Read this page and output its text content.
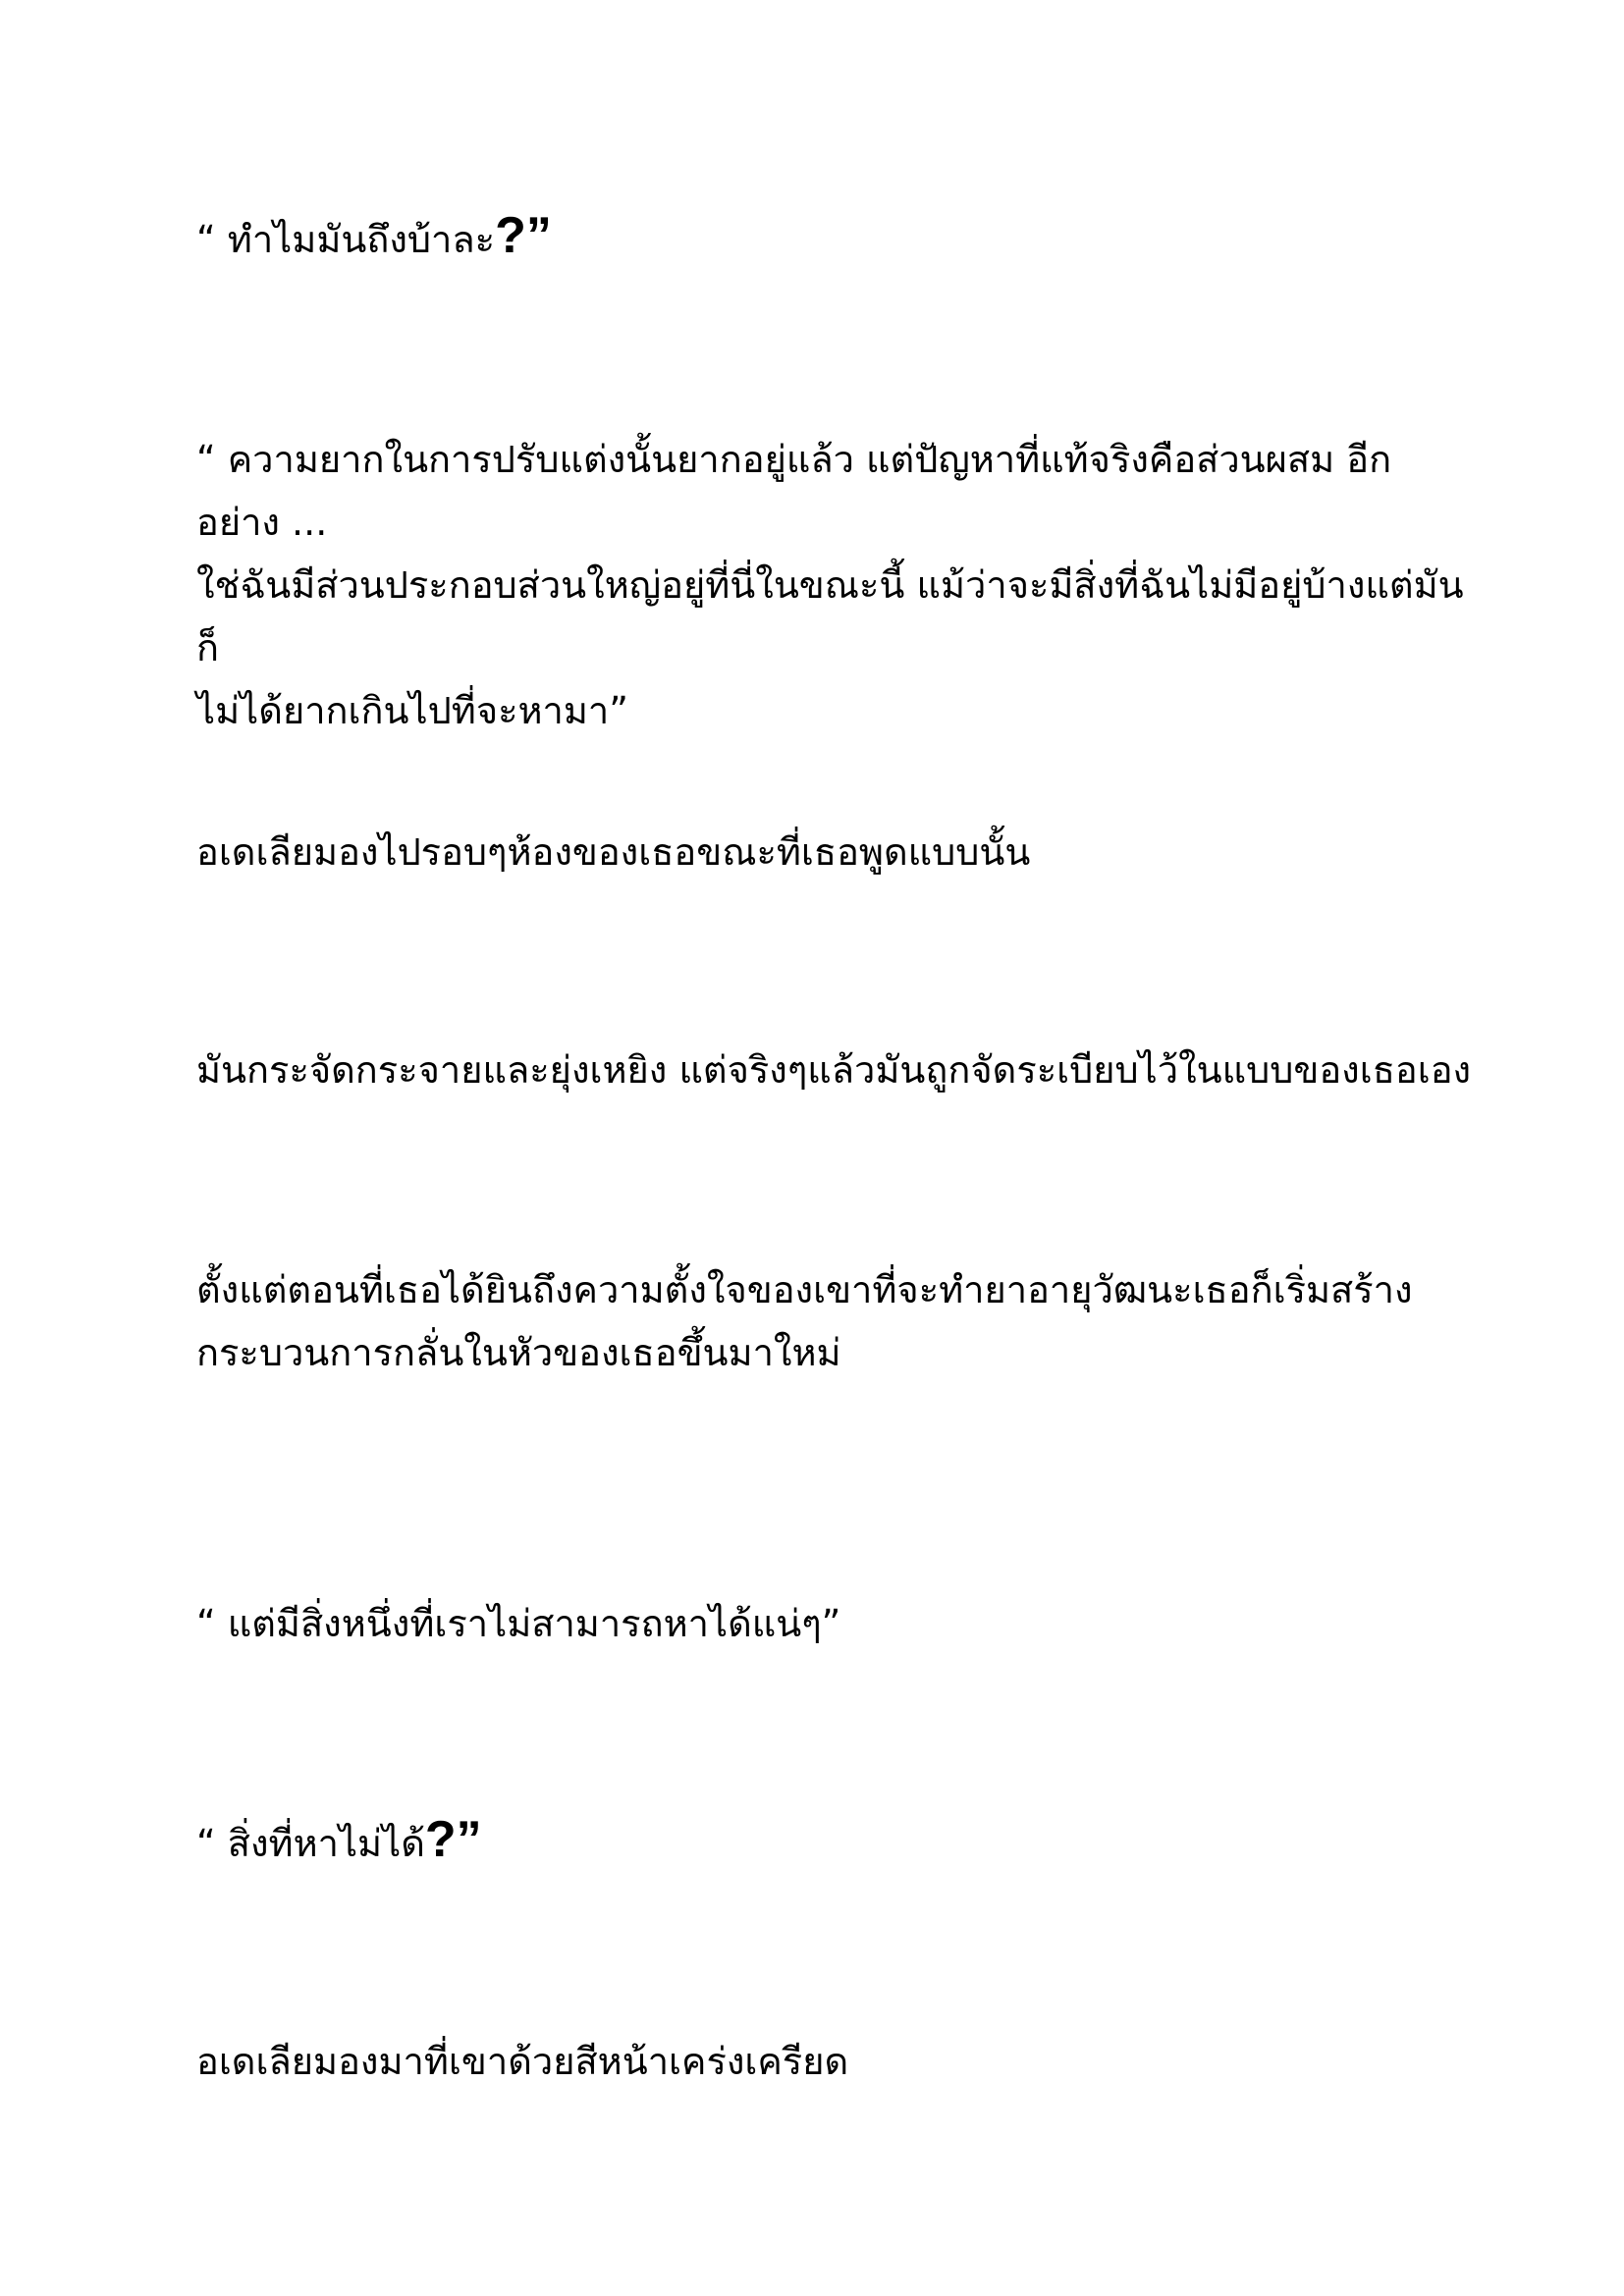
“ ทำไมมันถึงบ้าละ?”

“ ความยากในการปรับแต่งนั้นยากอยู่แล้ว แต่ปัญหาที่แท้จริงคือส่วนผสม อีกอย่าง ...
ใช่ฉันมีส่วนประกอบส่วนใหญ่อยู่ที่นี่ในขณะนี้ แม้ว่าจะมีสิ่งที่ฉันไม่มีอยู่บ้างแต่มันก็
ไม่ได้ยากเกินไปที่จะหามา”

อเดเลียมองไปรอบๆห้องของเธอขณะที่เธอพูดแบบนั้น

มันกระจัดกระจายและยุ่งเหยิง แต่จริงๆแล้วมันถูกจัดระเบียบไว้ในแบบของเธอเอง

ตั้งแต่ตอนที่เธอได้ยินถึงความตั้งใจของเขาที่จะทำยาอายุวัฒนะเธอก็เริ่มสร้าง
กระบวนการกลั่นในหัวของเธอขึ้นมาใหม่

“ แต่มีสิ่งหนึ่งที่เราไม่สามารถหาได้แน่ๆ”

“ สิ่งที่หาไม่ได้?”

อเดเลียมองมาที่เขาด้วยสีหน้าเคร่งเครียด
